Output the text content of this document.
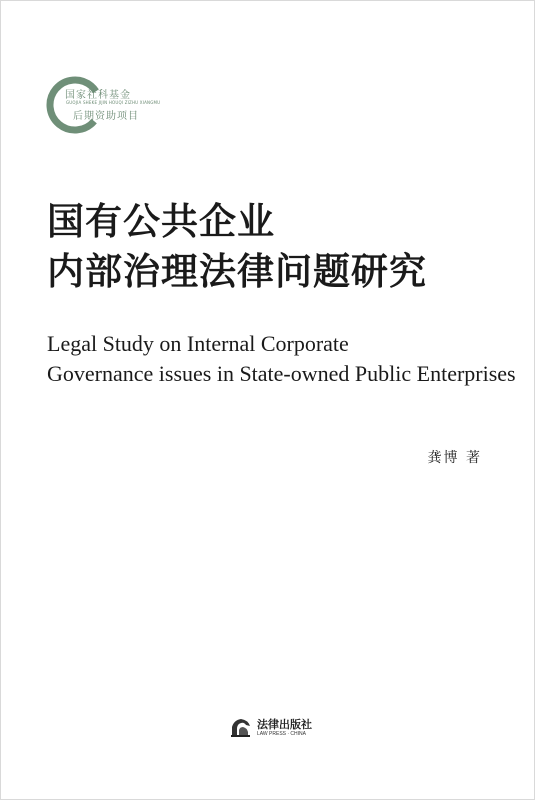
国家社科基金
GUOJIA SHEKE JIJIN HOUQI ZIZHU XIANGMU
后期资助项目
国有公共企业
内部治理法律问题研究
Legal Study on Internal Corporate
Governance issues in State-owned Public Enterprises
龚博 著
法律出版社
LAW PRESS · CHINA
